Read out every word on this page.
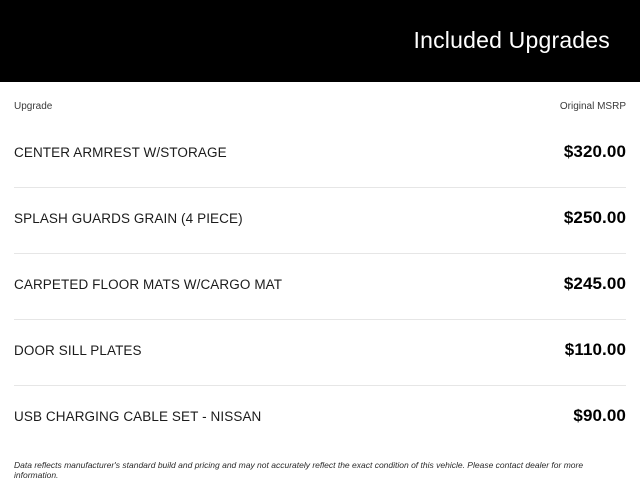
Included Upgrades
Upgrade	Original MSRP
CENTER ARMREST W/STORAGE	$320.00
SPLASH GUARDS GRAIN (4 PIECE)	$250.00
CARPETED FLOOR MATS W/CARGO MAT	$245.00
DOOR SILL PLATES	$110.00
USB CHARGING CABLE SET - NISSAN	$90.00
Data reflects manufacturer's standard build and pricing and may not accurately reflect the exact condition of this vehicle. Please contact dealer for more information.
